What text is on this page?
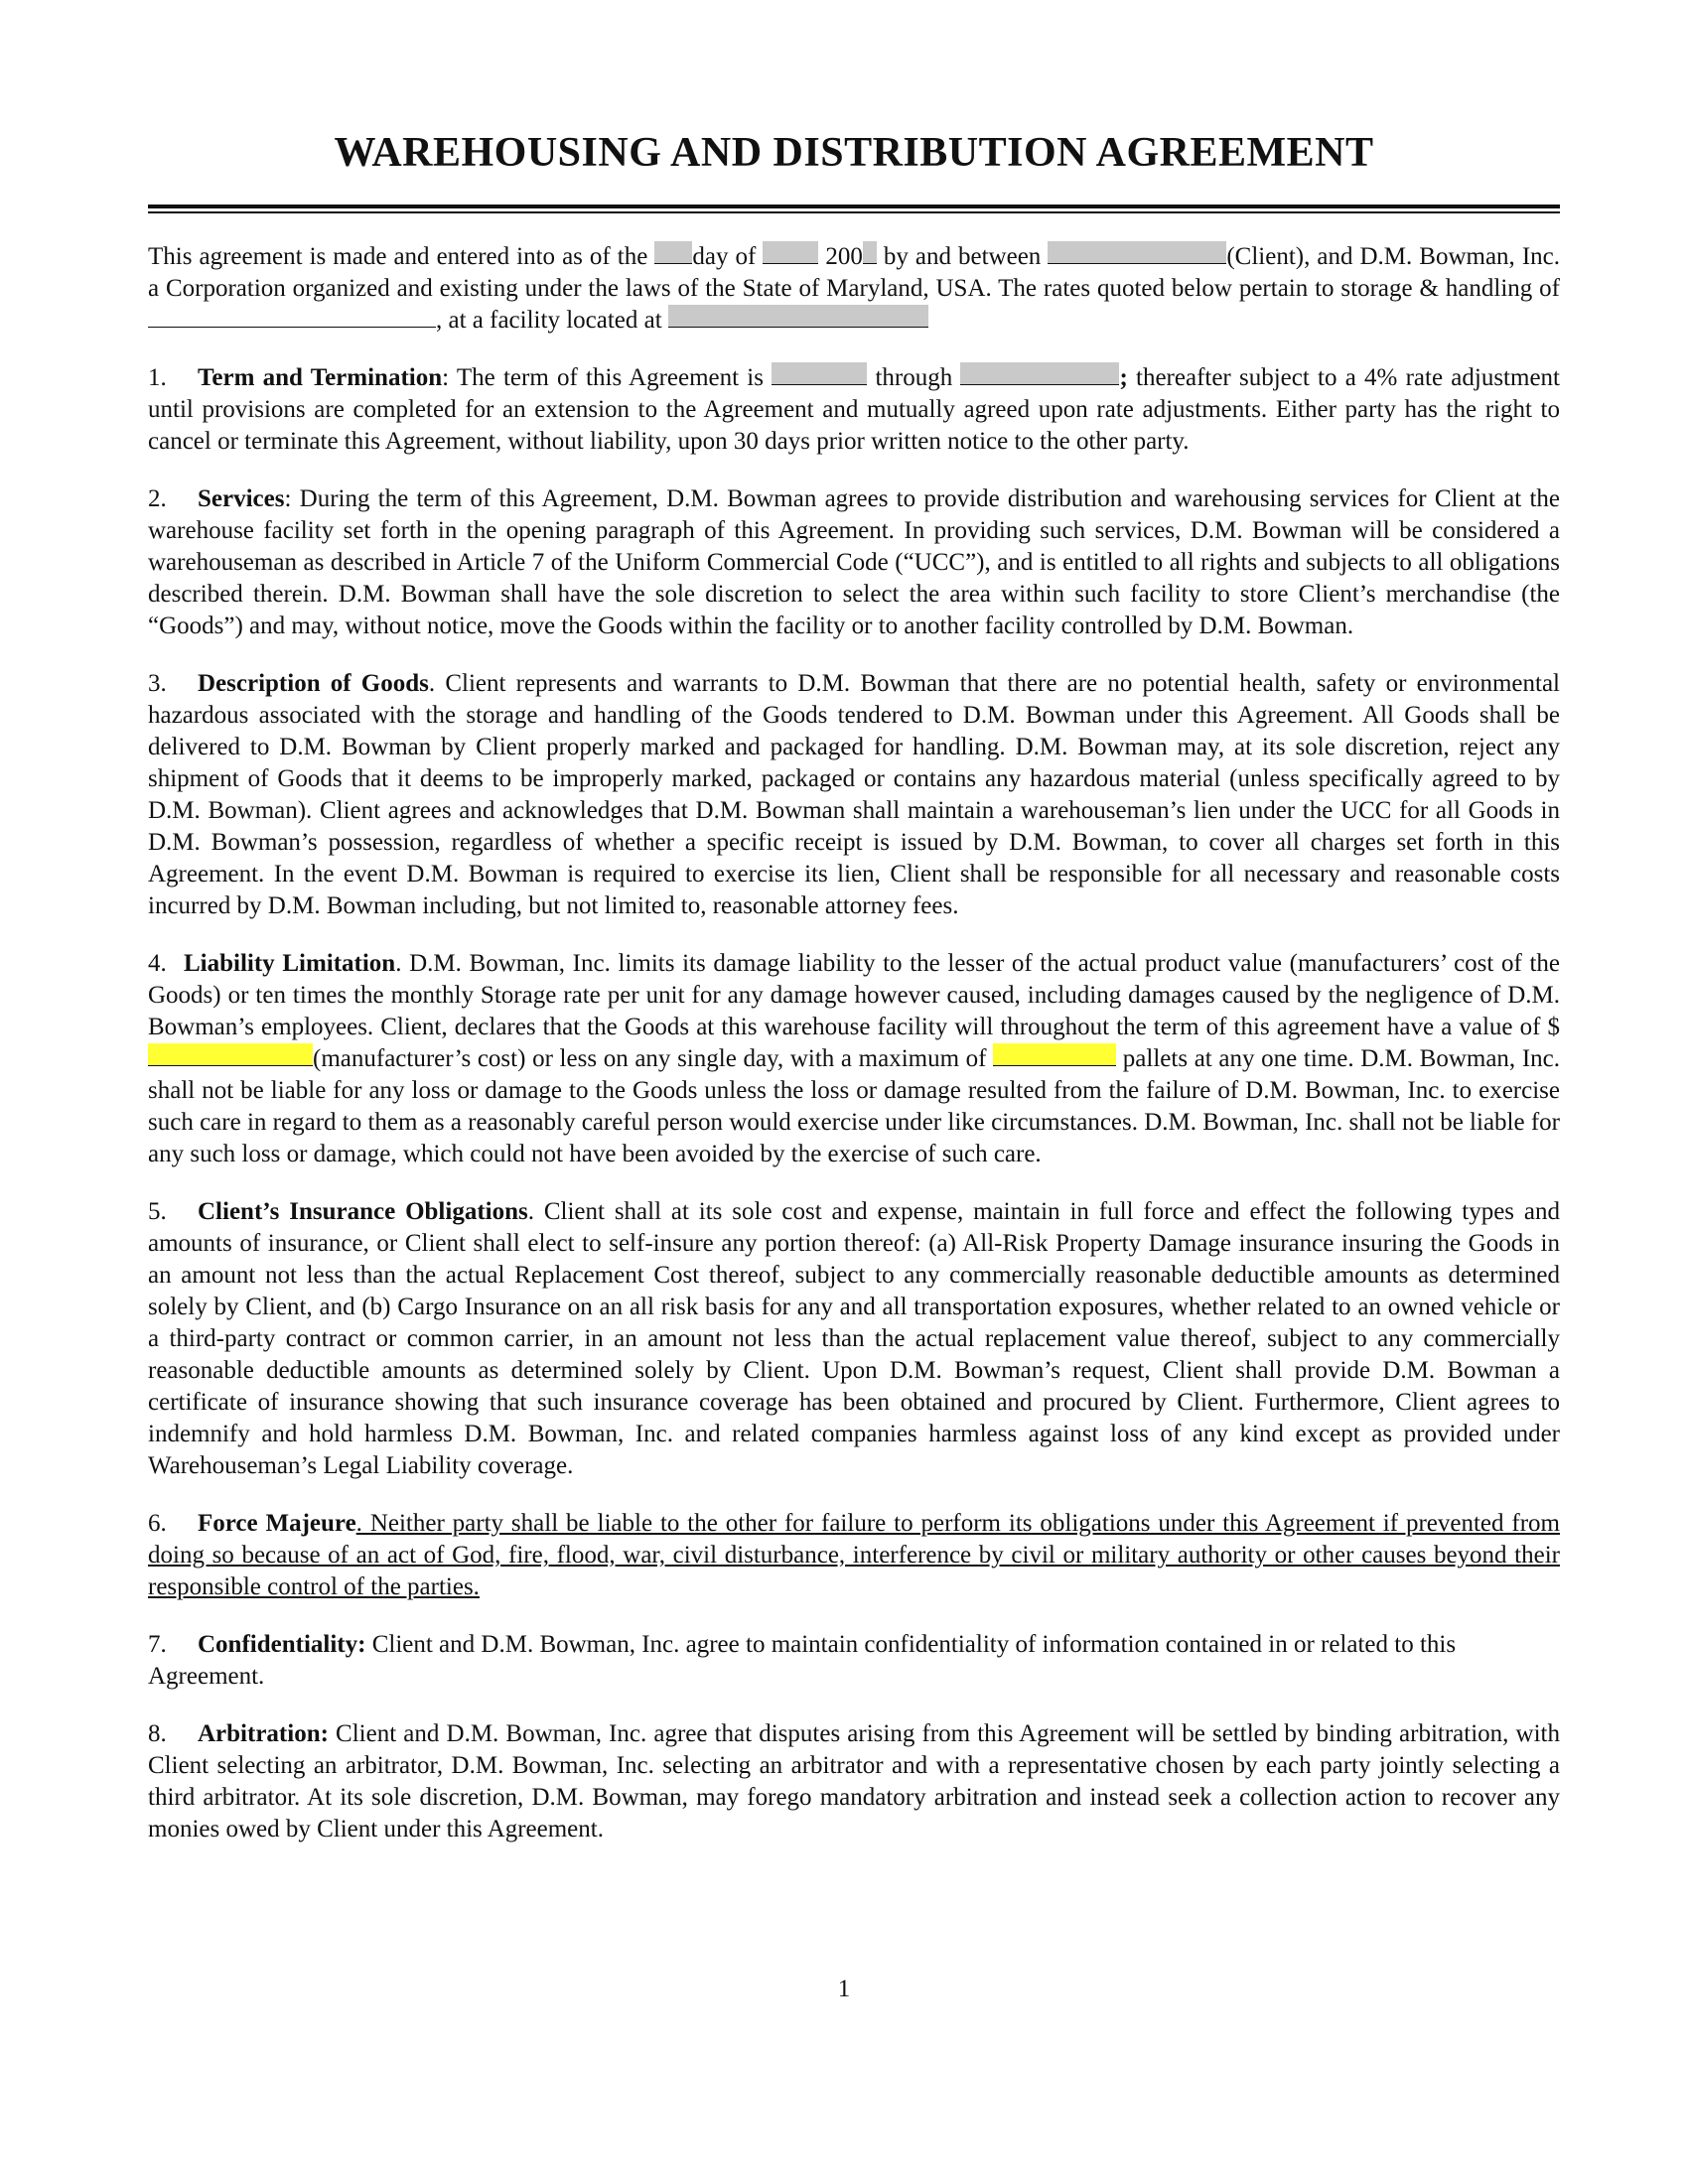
WAREHOUSING AND DISTRIBUTION AGREEMENT

This agreement is made and entered into as of the day of  200 by and between	(Client), and D.M. Bowman, Inc. a Corporation organized and existing under the laws of the State of Maryland, USA. The rates quoted below pertain to storage & handling of, at a facility located at

1. Term and Termination: The term of this Agreement is	through	; thereafter subject to a 4% rate adjustment until provisions are completed for an extension to the Agreement and mutually agreed upon rate adjustments. Either party has the right to cancel or terminate this Agreement, without liability, upon 30 days prior written notice to the other party.

2. Services: During the term of this Agreement, D.M. Bowman agrees to provide distribution and warehousing services for Client at the warehouse facility set forth in the opening paragraph of this Agreement. In providing such services, D.M. Bowman will be considered a warehouseman as described in Article 7 of the Uniform Commercial Code (“UCC”), and is entitled to all rights and subjects to all obligations described therein. D.M. Bowman shall have the sole discretion to select the area within such facility to store Client’s merchandise (the “Goods”) and may, without notice, move the Goods within the facility or to another facility controlled by D.M. Bowman.

3. Description of Goods. Client represents and warrants to D.M. Bowman that there are no potential health, safety or environmental hazardous associated with the storage and handling of the Goods tendered to D.M. Bowman under this Agreement. All Goods shall be delivered to D.M. Bowman by Client properly marked and packaged for handling. D.M. Bowman may, at its sole discretion, reject any shipment of Goods that it deems to be improperly marked, packaged or contains any hazardous material (unless specifically agreed to by D.M. Bowman). Client agrees and acknowledges that D.M. Bowman shall maintain a warehouseman’s lien under the UCC for all Goods in D.M. Bowman’s possession, regardless of whether a specific receipt is issued by D.M. Bowman, to cover all charges set forth in this Agreement. In the event D.M. Bowman is required to exercise its lien, Client shall be responsible for all necessary and reasonable costs incurred by D.M. Bowman including, but not limited to, reasonable attorney fees.

4. Liability Limitation. D.M. Bowman, Inc. limits its damage liability to the lesser of the actual product value (manufacturers’ cost of the Goods) or ten times the monthly Storage rate per unit for any damage however caused, including damages caused by the negligence of D.M. Bowman’s employees. Client, declares that the Goods at this warehouse facility will throughout the term of this agreement have a value of $(manufacturer’s cost) or less on any single day, with a maximum of	pallets at any one time. D.M. Bowman, Inc. shall not be liable for any loss or damage to the Goods unless the loss or damage resulted from the failure of D.M. Bowman, Inc. to exercise such care in regard to them as a reasonably careful person would exercise under like circumstances. D.M. Bowman, Inc. shall not be liable for any such loss or damage, which could not have been avoided by the exercise of such care.

5. Client’s Insurance Obligations. Client shall at its sole cost and expense, maintain in full force and effect the following types and amounts of insurance, or Client shall elect to self-insure any portion thereof: (a) All-Risk Property Damage insurance insuring the Goods in an amount not less than the actual Replacement Cost thereof, subject to any commercially reasonable deductible amounts as determined solely by Client, and (b) Cargo Insurance on an all risk basis for any and all transportation exposures, whether related to an owned vehicle or a third-party contract or common carrier, in an amount not less than the actual replacement value thereof, subject to any commercially reasonable deductible amounts as determined solely by Client. Upon D.M. Bowman’s request, Client shall provide D.M. Bowman a certificate of insurance showing that such insurance coverage has been obtained and procured by Client. Furthermore, Client agrees to indemnify and hold harmless D.M. Bowman, Inc. and related companies harmless against loss of any kind except as provided under Warehouseman’s Legal Liability coverage.

6. Force Majeure. Neither party shall be liable to the other for failure to perform its obligations under this Agreement if prevented from doing so because of an act of God, fire, flood, war, civil disturbance, interference by civil or military authority or other causes beyond their responsible control of the parties.

7. Confidentiality: Client and D.M. Bowman, Inc. agree to maintain confidentiality of information contained in or related to this Agreement.

8. Arbitration: Client and D.M. Bowman, Inc. agree that disputes arising from this Agreement will be settled by binding arbitration, with Client selecting an arbitrator, D.M. Bowman, Inc. selecting an arbitrator and with a representative chosen by each party jointly selecting a third arbitrator. At its sole discretion, D.M. Bowman, may forego mandatory arbitration and instead seek a collection action to recover any monies owed by Client under this Agreement.

1
